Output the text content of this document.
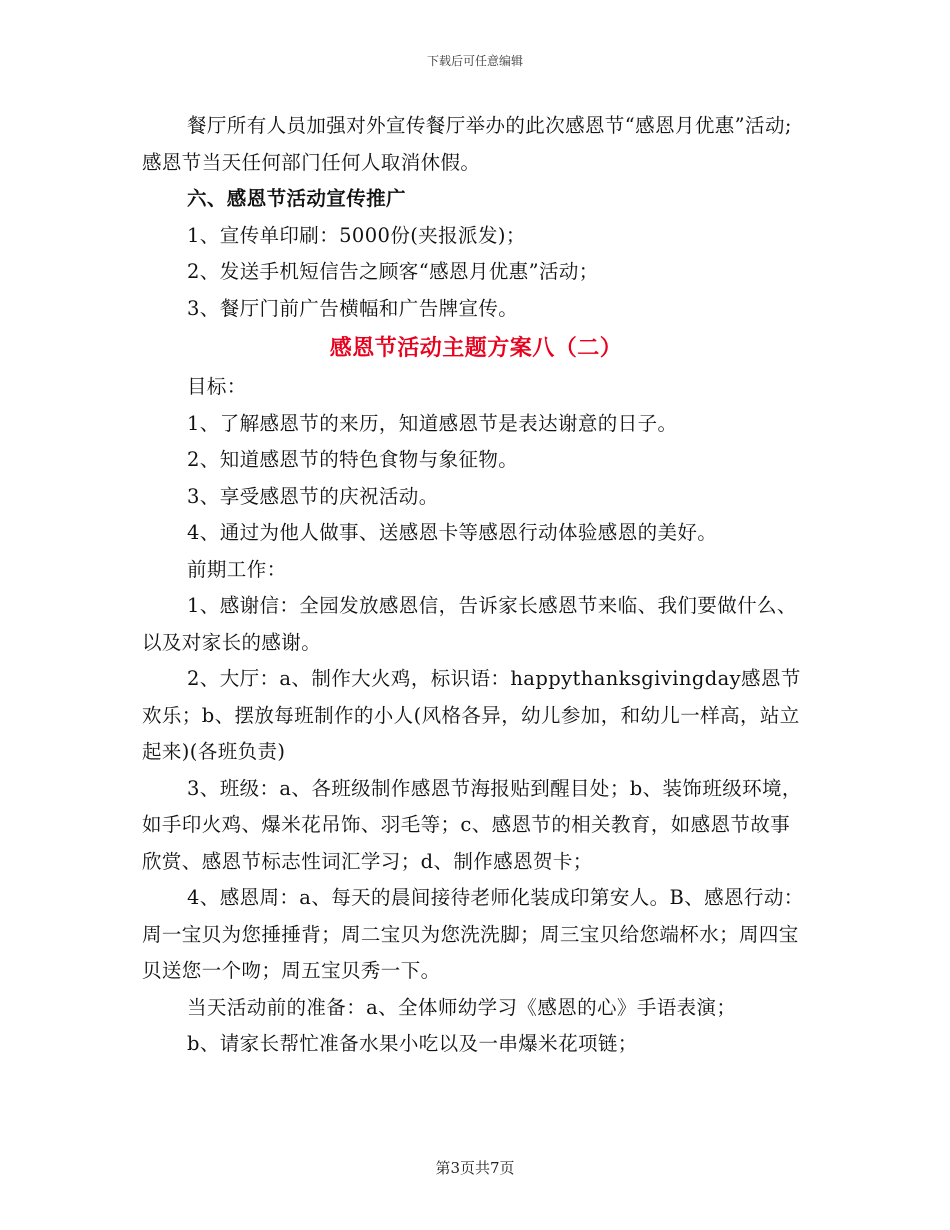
下载后可任意编辑

餐厅所有人员加强对外宣传餐厅举办的此次感恩节“感恩月优惠”活动;感恩节当天任何部门任何人取消休假。

六、感恩节活动宣传推广

1、宣传单印刷：5000份(夹报派发)；

2、发送手机短信告之顾客“感恩月优惠”活动；

3、餐厅门前广告横幅和广告牌宣传。

感恩节活动主题方案八（二）

目标：

1、了解感恩节的来历，知道感恩节是表达谢意的日子。

2、知道感恩节的特色食物与象征物。

3、享受感恩节的庆祝活动。

4、通过为他人做事、送感恩卡等感恩行动体验感恩的美好。

前期工作：

1、感谢信：全园发放感恩信，告诉家长感恩节来临、我们要做什么、以及对家长的感谢。

2、大厅：a、制作大火鸡，标识语：happythanksgivingday感恩节欢乐；b、摆放每班制作的小人(风格各异，幼儿参加，和幼儿一样高，站立起来)(各班负责)

3、班级：a、各班级制作感恩节海报贴到醒目处；b、装饰班级环境，如手印火鸡、爆米花吊饰、羽毛等；c、感恩节的相关教育，如感恩节故事欣赏、感恩节标志性词汇学习；d、制作感恩贺卡；

4、感恩周：a、每天的晨间接待老师化装成印第安人。B、感恩行动：周一宝贝为您捶捶背；周二宝贝为您洗洗脚；周三宝贝给您端杯水；周四宝贝送您一个吻；周五宝贝秀一下。

当天活动前的准备：a、全体师幼学习《感恩的心》手语表演；

b、请家长帮忙准备水果小吃以及一串爆米花项链；

第3页共7页
